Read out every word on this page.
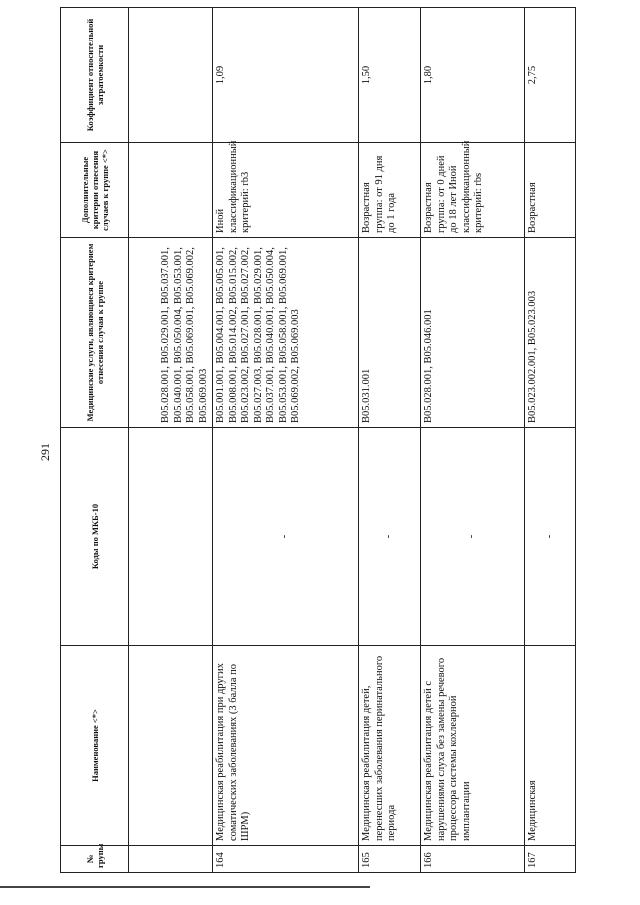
291
№ групы	Наименование <*>	Коды по МКБ-10	Медицинские услуги, являющиеся критерием отнесения случая к группе	Дополнительные критерии отнесения случаев к группе <*>	Коэффициент относительной затратоемкости
			B05.028.001, B05.029.001, B05.037.001, B05.040.001, B05.050.004, B05.053.001, B05.058.001, B05.069.001, B05.069.002, B05.069.003		
164	Медицинская реабилитация при других соматических заболеваниях (3 балла по ШРМ)	-	B05.001.001, B05.004.001, B05.005.001, B05.008.001, B05.014.002, B05.015.002, B05.023.002, B05.027.001, B05.027.002, B05.027.003, B05.028.001, B05.029.001, B05.037.001, B05.040.001, B05.050.004, B05.053.001, B05.058.001, B05.069.001, B05.069.002, B05.069.003	Иной классификационный критерий: rb3	1,09
165	Медицинская реабилитация детей, перенесших заболевания перинатального периода	-	B05.031.001	Возрастная группа: от 91 дня до 1 года	1,50
166	Медицинская реабилитация детей с нарушениями слуха без замены речевого процессора системы кохлеарной имплантации	-	B05.028.001, B05.046.001	Возрастная группа: от 0 дней до 18 лет Иной классификационный критерий: rbs	1,80
167	Медицинская	-	B05.023.002.001, B05.023.003	Возрастная	2,75
